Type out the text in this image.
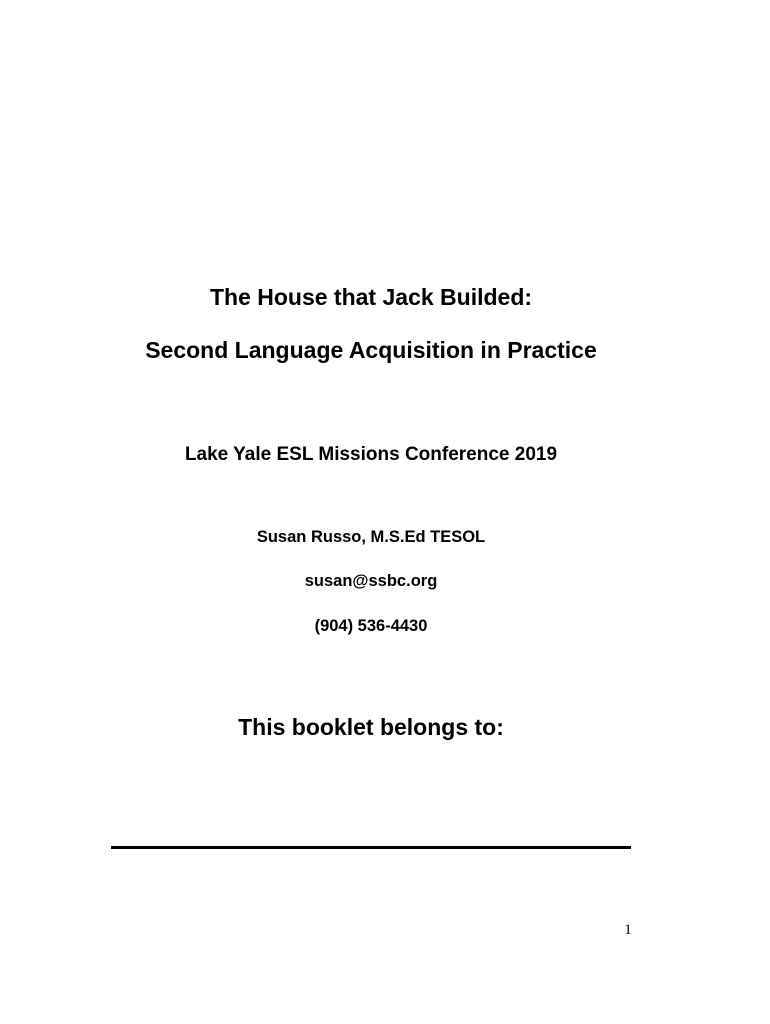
The House that Jack Builded:
Second Language Acquisition in Practice
Lake Yale ESL Missions Conference 2019
Susan Russo, M.S.Ed TESOL
susan@ssbc.org
(904) 536-4430
This booklet belongs to:
1
